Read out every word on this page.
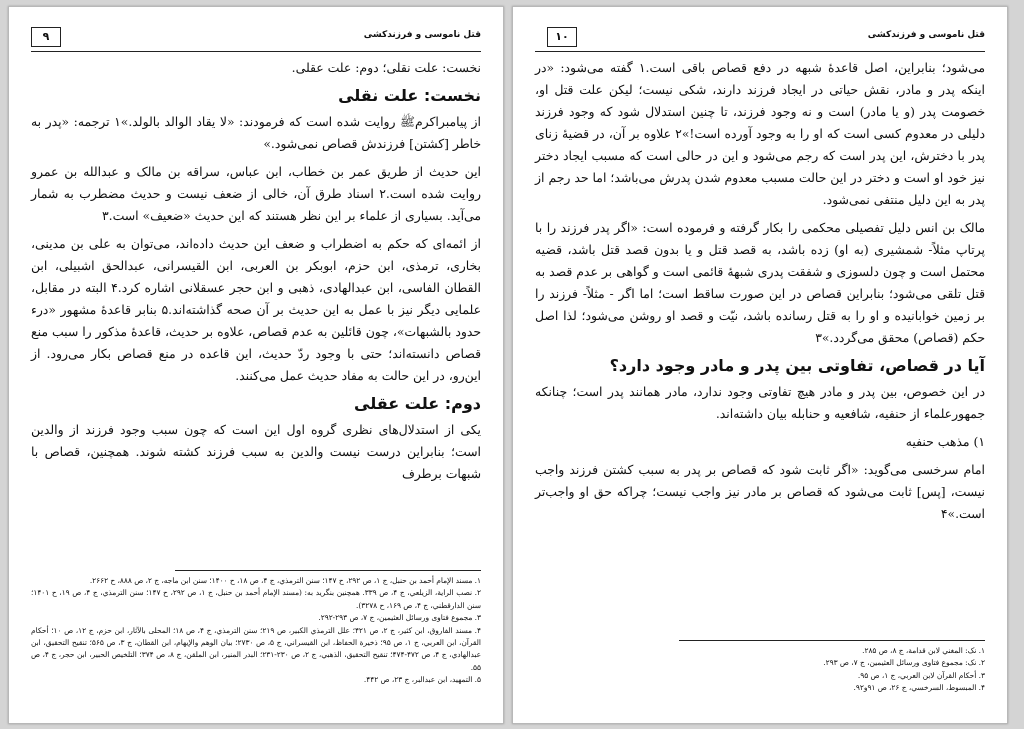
۹	قتل ناموسی و فرزندکشی

نخست: علت نقلی؛ دوم: علت عقلی.

نخست: علت نقلی

از پیامبراکرمﷺ روایت شده است که فرمودند: «لا يقاد الوالد بالولد.»۱ ترجمه: «پدر به خاطر [کشتن] فرزندش قصاص نمی‌شود.»

این حدیث از طریق عمر بن خطاب، ابن عباس، سراقه بن مالک و عبدالله بن عمرو روایت شده است.۲ اسناد طرق آن، خالی از ضعف نیست و حدیث مضطرب به شمار می‌آید. بسیاری از علماء بر این نظر هستند که این حدیث «ضعیف» است.۳

از ائمه‌ای که حکم به اضطراب و ضعف این حدیث داده‌اند، می‌توان به علی بن مدینی، بخاری، ترمذی، ابن حزم، ابوبکر بن العربی، ابن القیسرانی، عبدالحق اشبیلی، ابن القطان الفاسی، ابن عبدالهادی، ذهبی و ابن حجر عسقلانی اشاره کرد.۴ البته در مقابل، علمایی دیگر نیز با عمل به این حدیث بر آن صحه گذاشته‌اند.۵ بنابر قاعدۀ مشهور «درء حدود بالشبهات»، چون قائلین به عدم قصاص، علاوه بر حدیث، قاعدۀ مذکور را سبب منع قصاص دانسته‌اند؛ حتی با وجود ردّ حدیث، این قاعده در منع قصاص بکار می‌رود. از این‌رو، در این حالت به مفاد حدیث عمل می‌کنند.

دوم: علت عقلی

یکی از استدلال‌های نظری گروه اول این است که چون سبب وجود فرزند از والدین است؛ بنابراین درست نیست والدین به سبب فرزند کشته شوند. همچنین، قصاص با شبهات برطرف

۱. مسند الإمام أحمد بن حنبل، ج ۱، ص ۲۹۲، ح ۱۴۷؛ سنن الترمذي، ج ۴، ص ۱۸، ح ۱۴۰۰؛ سنن ابن ماجه، ج ۲، ص ۸۸۸، ح ۲۶۶۲.

۲. نصب الراية، الزيلعي، ج ۴، ص ۳۳۹. همچنین بنگرید به: (مسند الإمام أحمد بن حنبل، ج ۱، ص ۲۹۲، ح ۱۴۷؛ سنن الترمذي، ج ۴، ص ۱۹، ح ۱۴۰۱؛ سنن الدارقطني، ج ۴، ص ۱۶۹، ح ۳۲۷۸).

۳. مجموع فتاوى ورسائل العثيمين، ج ۷، ص ۲۹۳-۲۹۲.

۴. مسند الفاروق، ابن كثير، ج ۲، ص ۴۲۱؛ علل الترمذي الكبير، ص ۲۱۹؛ سنن الترمذي، ج ۴، ص ۱۸؛ المحلى بالآثار، ابن حزم، ج ۱۲، ص ۱۰؛ أحكام القرآن، ابن العربي، ج ۱، ص ۹۵؛ ذخيرة الحفاظ، ابن القيسراني، ج ۵، ص ۲۷۳۰؛ بيان الوهم والإيهام، ابن القطان، ج ۳، ص ۵۶۵؛ تنقيح التحقيق، ابن عبدالهادي، ج ۴، ص ۴۷۲-۴۷۴؛ تنقيح التحقيق، الذهبي، ج ۲، ص ۲۳۰-۲۳۱؛ البدر المنير، ابن الملقن، ج ۸، ص ۳۷۴؛ التلخيص الحبير، ابن حجر، ج ۴، ص ۵۵.

۵. التمهيد، ابن عبدالبر، ج ۲۳، ص ۴۴۲.

۱۰	قتل ناموسی و فرزندکشی

می‌شود؛ بنابراین، اصل قاعدۀ شبهه در دفع قصاص باقی است.۱ گفته می‌شود: «در اینکه پدر و مادر، نقش حیاتی در ایجاد فرزند دارند، شکی نیست؛ لیکن علت قتل او، خصومت پدر (و یا مادر) است و نه وجود فرزند، تا چنین استدلال شود که وجود فرزند دلیلی در معدوم کسی است که او را به وجود آورده است!»۲ علاوه بر آن، در قضیۀ زنای پدر با دخترش، این پدر است که رجم می‌شود و این در حالی است که مسبب ایجاد دختر نیز خود او است و دختر در این حالت مسبب معدوم شدن پدرش می‌باشد؛ اما حد رجم از پدر به این دلیل منتفی نمی‌شود.

مالک بن انس دلیل تفصیلی محکمی را بکار گرفته و فرموده است: «اگر پدر فرزند را با پرتاپ مثلاً- شمشیری (به او) زده باشد، به قصد قتل و یا بدون قصد قتل باشد، قضیه محتمل است و چون دلسوزی و شفقت پدری شبهۀ قائمی است و گواهی بر عدم قصد به قتل تلقی می‌شود؛ بنابراین قصاص در این صورت ساقط است؛ اما اگر - مثلاً- فرزند را بر زمین خوابانیده و او را به قتل رسانده باشد، نیّت و قصد او روشن می‌شود؛ لذا اصل حکم (قصاص) محقق می‌گردد.»۳

آیا در قصاص، تفاوتی بین پدر و مادر وجود دارد؟

در این خصوص، بین پدر و مادر هیچ تفاوتی وجود ندارد، مادر همانند پدر است؛ چنانکه جمهورعلماء از حنفیه، شافعیه و حنابله بیان داشته‌اند.

۱) مذهب حنفیه

امام سرخسی می‌گوید: «اگر ثابت شود که قصاص بر پدر به سبب کشتن فرزند واجب نیست، [پس] ثابت می‌شود که قصاص بر مادر نیز واجب نیست؛ چراکه حق او واجب‌تر است.»۴

۱. نک: المغني لابن قدامة، ج ۸، ص ۲۸۵.

۲. نک: مجموع فتاوى ورسائل العثيمين، ج ۷، ص ۲۹۳.

۳. أحكام القرآن لابن العربي، ج ۱، ص ۹۵.

۴. المبسوط، السرخسي، ج ۲۶، ص ۹۱و۹۲.
